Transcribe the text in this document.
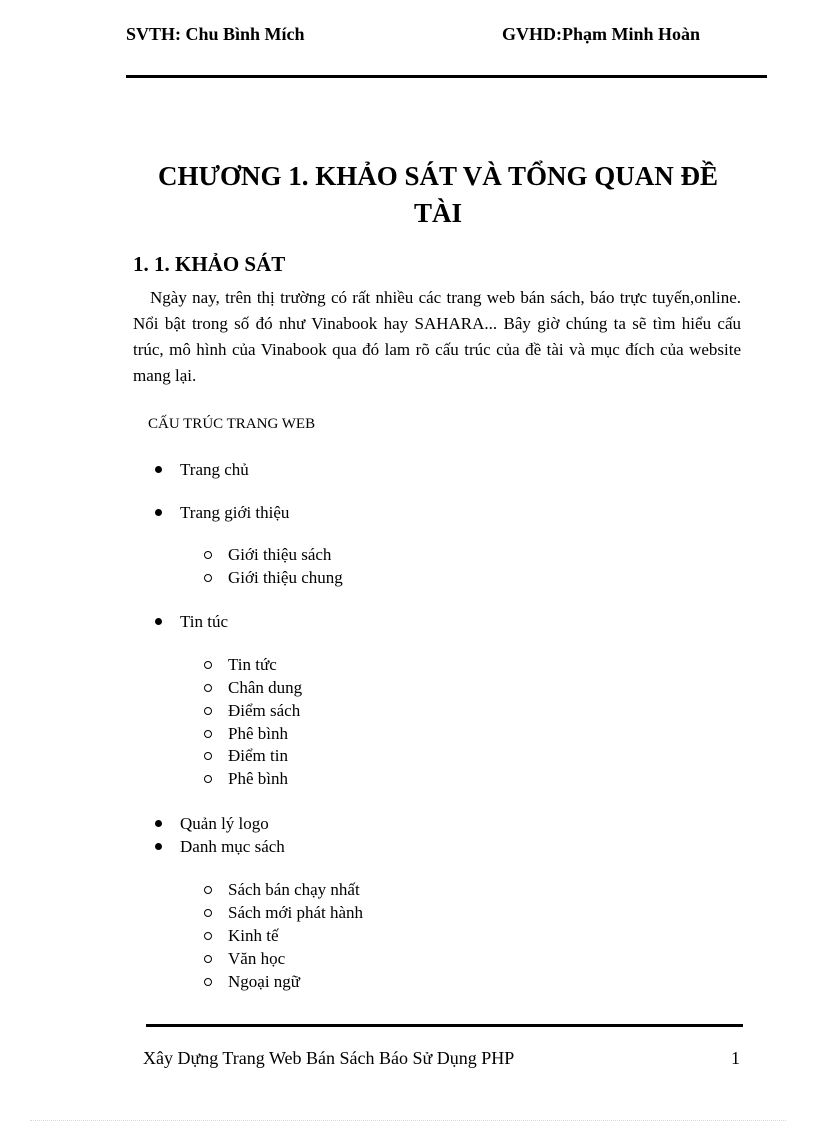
SVTH: Chu Bình Mích	GVHD:Phạm Minh Hoàn
CHƯƠNG 1. KHẢO SÁT VÀ TỔNG QUAN ĐỀ
TÀI
1. 1. KHẢO SÁT

Ngày nay, trên thị trường có rất nhiều các trang web bán sách, báo trực tuyến,online. Nổi bật trong số đó như Vinabook hay SAHARA... Bây giờ chúng ta sẽ tìm hiểu cấu trúc, mô hình của Vinabook qua đó lam rõ cấu trúc của đề tài và mục đích của website mang lại.

CẤU TRÚC TRANG WEB
Trang chủ
Trang giới thiệu
Giới thiệu sách
Giới thiệu chung
Tin túc
Tin tức
Chân dung
Điểm sách
Phê bình
Điểm tin
Phê bình
Quản lý logo
Danh mục sách
Sách bán chạy nhất
Sách mới phát hành
Kinh tế
Văn học
Ngoại ngữ
Xây Dựng Trang Web Bán Sách Báo Sử Dụng PHP	1
